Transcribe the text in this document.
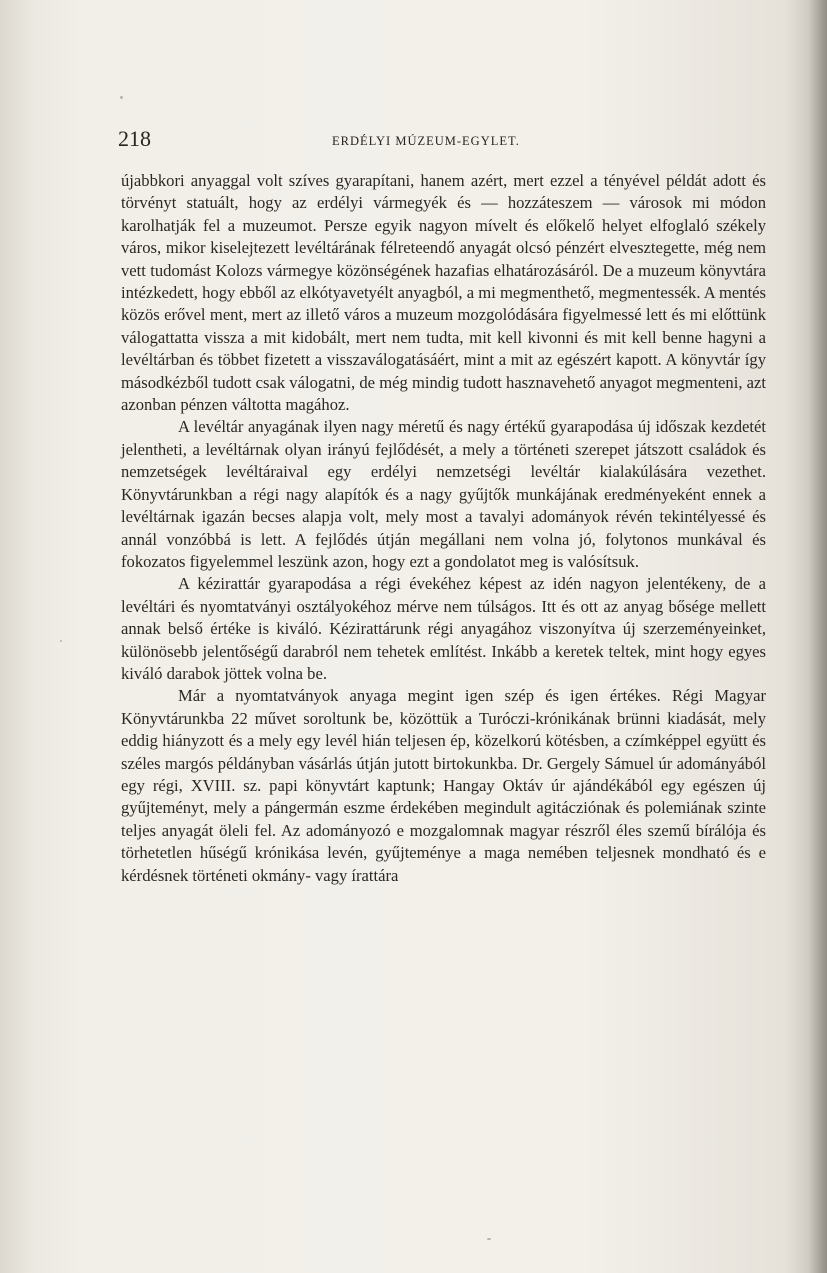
218	ERDÉLYI MÚZEUM-EGYLET.

újabbkori anyaggal volt szíves gyarapítani, hanem azért, mert ezzel a tényével példát adott és törvényt statuált, hogy az erdélyi vármegyék és — hozzáteszem — városok mi módon karolhatják fel a muzeumot. Persze egyik nagyon mívelt és előkelő helyet elfoglaló székely város, mikor kiselejtezett levéltárának félreteendő anyagát olcsó pénzért elvesztegette, még nem vett tudomást Kolozs vármegye közönségének hazafias elhatározásáról. De a muzeum könyvtára intézkedett, hogy ebből az elkótyavetyélt anyagból, a mi megmenthető, megmentessék. A mentés közös erővel ment, mert az illető város a muzeum mozgolódására figyelmessé lett és mi előttünk válogattatta vissza a mit kidobált, mert nem tudta, mit kell kivonni és mit kell benne hagyni a levéltárban és többet fizetett a visszaválogatásáért, mint a mit az egészért kapott. A könyvtár így másodkézből tudott csak válogatni, de még mindig tudott hasznavehető anyagot megmenteni, azt azonban pénzen váltotta magához.

A levéltár anyagának ilyen nagy méretű és nagy értékű gyarapodása új időszak kezdetét jelentheti, a levéltárnak olyan irányú fejlődését, a mely a történeti szerepet játszott családok és nemzetségek levéltáraival egy erdélyi nemzetségi levéltár kialakúlására vezethet. Könyvtárunkban a régi nagy alapítók és a nagy gyűjtők munkájának eredményeként ennek a levéltárnak igazán becses alapja volt, mely most a tavalyi adományok révén tekintélyessé és annál vonzóbbá is lett. A fejlődés útján megállani nem volna jó, folytonos munkával és fokozatos figyelemmel leszünk azon, hogy ezt a gondolatot meg is valósítsuk.

A kézirattár gyarapodása a régi évekéhez képest az idén nagyon jelentékeny, de a levéltári és nyomtatványi osztályokéhoz mérve nem túlságos. Itt és ott az anyag bősége mellett annak belső értéke is kiváló. Kézirattárunk régi anyagához viszonyítva új szerzeményeinket, különösebb jelentőségű darabról nem tehetek említést. Inkább a keretek teltek, mint hogy egyes kiváló darabok jöttek volna be.

Már a nyomtatványok anyaga megint igen szép és igen értékes. Régi Magyar Könyvtárunkba 22 művet soroltunk be, közöttük a Turóczi-krónikának brünni kiadását, mely eddig hiányzott és a mely egy levél hián teljesen ép, közelkorú kötésben, a czímképpel együtt és széles margós példányban vásárlás útján jutott birtokunkba. Dr. Gergely Sámuel úr adományából egy régi, XVIII. sz. papi könyvtárt kaptunk; Hangay Oktáv úr ajándékából egy egészen új gyűjteményt, mely a pángermán eszme érdekében megindult agitácziónak és polemiának szinte teljes anyagát öleli fel. Az adományozó e mozgalomnak magyar részről éles szemű bírálója és törhetetlen hűségű krónikása levén, gyűjteménye a maga nemében teljesnek mondható és e kérdésnek történeti okmány- vagy írattára
